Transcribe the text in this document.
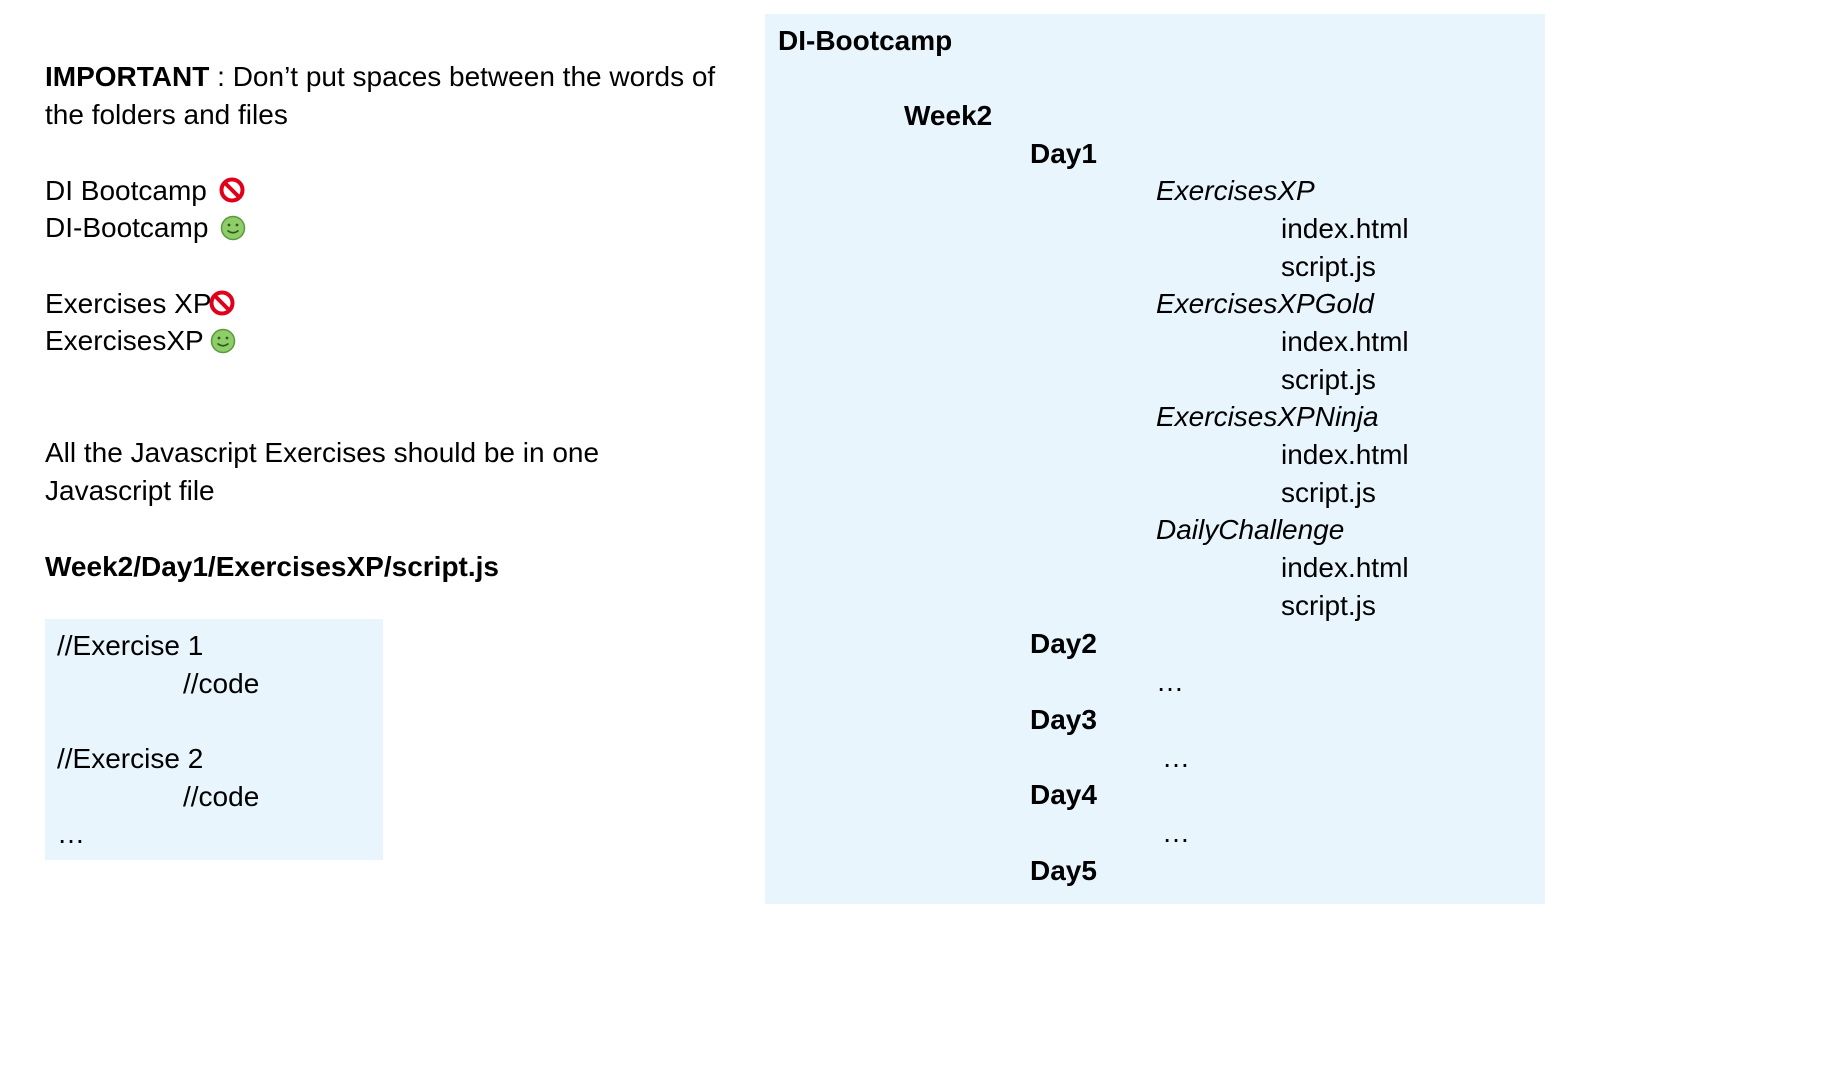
IMPORTANT : Don’t put spaces between the words of
the folders and files
DI Bootcamp
DI-Bootcamp
Exercises XP
ExercisesXP
All the Javascript Exercises should be in one
Javascript file
Week2/Day1/ExercisesXP/script.js
//Exercise 1
//code
//Exercise 2
//code
…
DI-Bootcamp
Week2
Day1
ExercisesXP
index.html
script.js
ExercisesXPGold
index.html
script.js
ExercisesXPNinja
index.html
script.js
DailyChallenge
index.html
script.js
Day2
…
Day3
…
Day4
…
Day5
